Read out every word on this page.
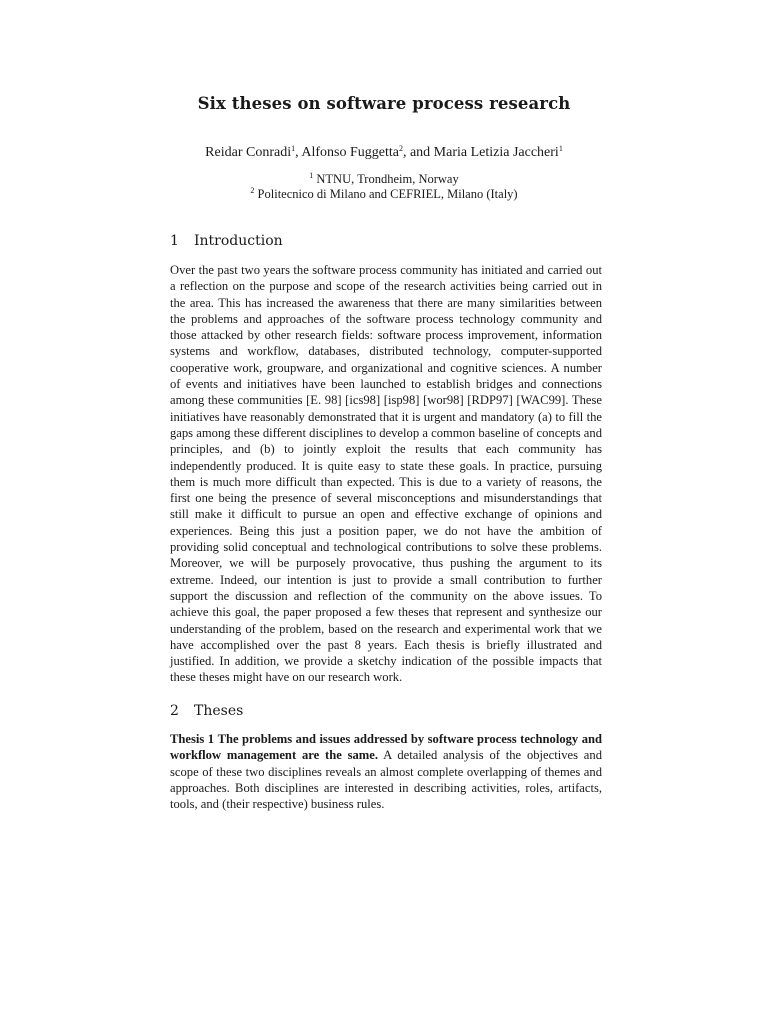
Six theses on software process research
Reidar Conradi$^1$, Alfonso Fuggetta$^2$, and Maria Letizia Jaccheri$^1$
$^1$ NTNU, Trondheim, Norway
$^2$ Politecnico di Milano and CEFRIEL, Milano (Italy)
1	Introduction
Over the past two years the software process community has initiated and carried out a reflection on the purpose and scope of the research activities being carried out in the area. This has increased the awareness that there are many similarities between the problems and approaches of the software process technology community and those attacked by other research fields: software process improvement, information systems and workflow, databases, distributed technology, computer-supported cooperative work, groupware, and organizational and cognitive sciences. A number of events and initiatives have been launched to establish bridges and connections among these communities [E. 98] [ics98] [isp98] [wor98] [RDP97] [WAC99]. These initiatives have reasonably demonstrated that it is urgent and mandatory (a) to fill the gaps among these different disciplines to develop a common baseline of concepts and principles, and (b) to jointly exploit the results that each community has independently produced. It is quite easy to state these goals. In practice, pursuing them is much more difficult than expected. This is due to a variety of reasons, the first one being the presence of several misconceptions and misunderstandings that still make it difficult to pursue an open and effective exchange of opinions and experiences. Being this just a position paper, we do not have the ambition of providing solid conceptual and technological contributions to solve these problems. Moreover, we will be purposely provocative, thus pushing the argument to its extreme. Indeed, our intention is just to provide a small contribution to further support the discussion and reflection of the community on the above issues. To achieve this goal, the paper proposed a few theses that represent and synthesize our understanding of the problem, based on the research and experimental work that we have accomplished over the past 8 years. Each thesis is briefly illustrated and justified. In addition, we provide a sketchy indication of the possible impacts that these theses might have on our research work.
2	Theses
Thesis 1 The problems and issues addressed by software process technology and workflow management are the same. A detailed analysis of the objectives and scope of these two disciplines reveals an almost complete overlapping of themes and approaches. Both disciplines are interested in describing activities, roles, artifacts, tools, and (their respective) business rules.
